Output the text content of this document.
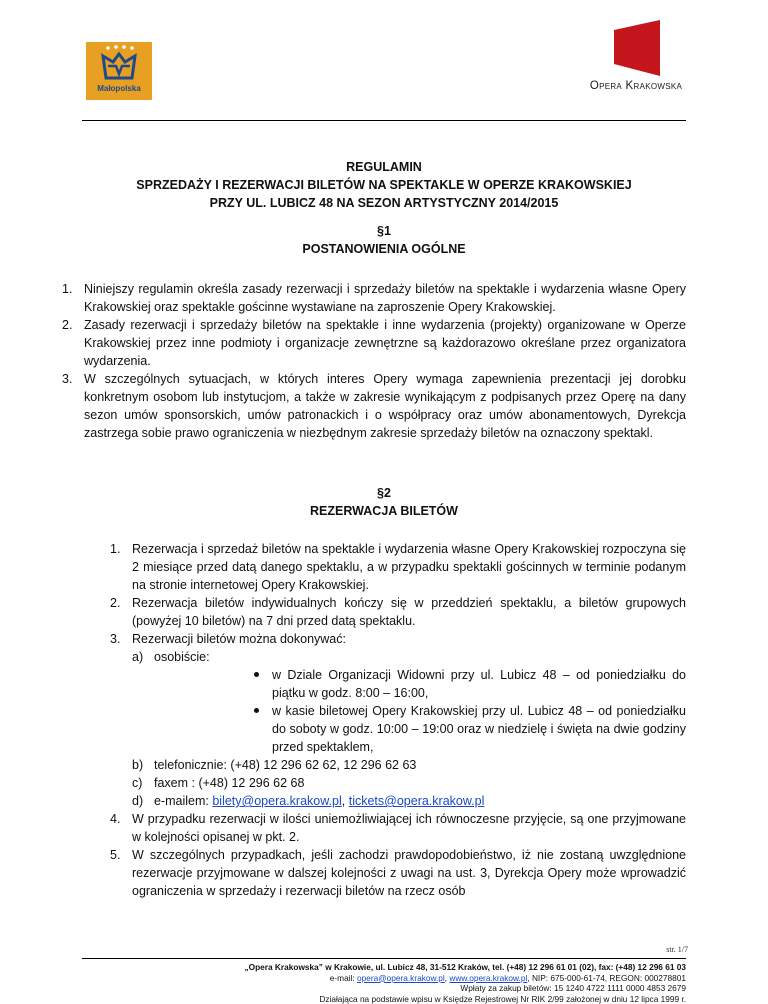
Małopolska	Opera Krakowska
REGULAMIN
SPRZEDAŻY I REZERWACJI BILETÓW NA SPEKTAKLE W OPERZE KRAKOWSKIEJ
PRZY UL. LUBICZ 48 NA SEZON ARTYSTYCZNY 2014/2015
§1
POSTANOWIENIA OGÓLNE
1. Niniejszy regulamin określa zasady rezerwacji i sprzedaży biletów na spektakle i wydarzenia własne Opery Krakowskiej oraz spektakle gościnne wystawiane na zaproszenie Opery Krakowskiej.
2. Zasady rezerwacji i sprzedaży biletów na spektakle i inne wydarzenia (projekty) organizowane w Operze Krakowskiej przez inne podmioty i organizacje zewnętrzne są każdorazowo określane przez organizatora wydarzenia.
3. W szczególnych sytuacjach, w których interes Opery wymaga zapewnienia prezentacji jej dorobku konkretnym osobom lub instytucjom, a także w zakresie wynikającym z podpisanych przez Operę na dany sezon umów sponsorskich, umów patronackich i o współpracy oraz umów abonamentowych, Dyrekcja zastrzega sobie prawo ograniczenia w niezbędnym zakresie sprzedaży biletów na oznaczony spektakl.
§2
REZERWACJA BILETÓW
1. Rezerwacja i sprzedaż biletów na spektakle i wydarzenia własne Opery Krakowskiej rozpoczyna się 2 miesiące przed datą danego spektaklu, a w przypadku spektakli gościnnych w terminie podanym na stronie internetowej Opery Krakowskiej.
2. Rezerwacja biletów indywidualnych kończy się w przeddzień spektaklu, a biletów grupowych (powyżej 10 biletów) na 7 dni przed datą spektaklu.
3. Rezerwacji biletów można dokonywać:
a) osobiście:
w Dziale Organizacji Widowni przy ul. Lubicz 48 – od poniedziałku do piątku w godz. 8:00 – 16:00,
w kasie biletowej Opery Krakowskiej przy ul. Lubicz 48 – od poniedziałku do soboty w godz. 10:00 – 19:00 oraz w niedzielę i święta na dwie godziny przed spektaklem,
b) telefonicznie: (+48) 12 296 62 62, 12 296 62 63
c) faxem : (+48) 12 296 62 68
d) e-mailem: bilety@opera.krakow.pl, tickets@opera.krakow.pl
4. W przypadku rezerwacji w ilości uniemożliwiającej ich równoczesne przyjęcie, są one przyjmowane w kolejności opisanej w pkt. 2.
5. W szczególnych przypadkach, jeśli zachodzi prawdopodobieństwo, iż nie zostaną uwzględnione rezerwacje przyjmowane w dalszej kolejności z uwagi na ust. 3, Dyrekcja Opery może wprowadzić ograniczenia w sprzedaży i rezerwacji biletów na rzecz osób
str. 1/7
„Opera Krakowska” w Krakowie, ul. Lubicz 48, 31-512 Kraków, tel. (+48) 12 296 61 01 (02), fax: (+48) 12 296 61 03
e-mail: opera@opera.krakow.pl, www.opera.krakow.pl, NIP: 675-000-61-74, REGON: 000278801
Wpłaty za zakup biletów: 15 1240 4722 1111 0000 4853 2679
Działająca na podstawie wpisu w Księdze Rejestrowej Nr RIK 2/99 założonej w dniu 12 lipca 1999 r.
